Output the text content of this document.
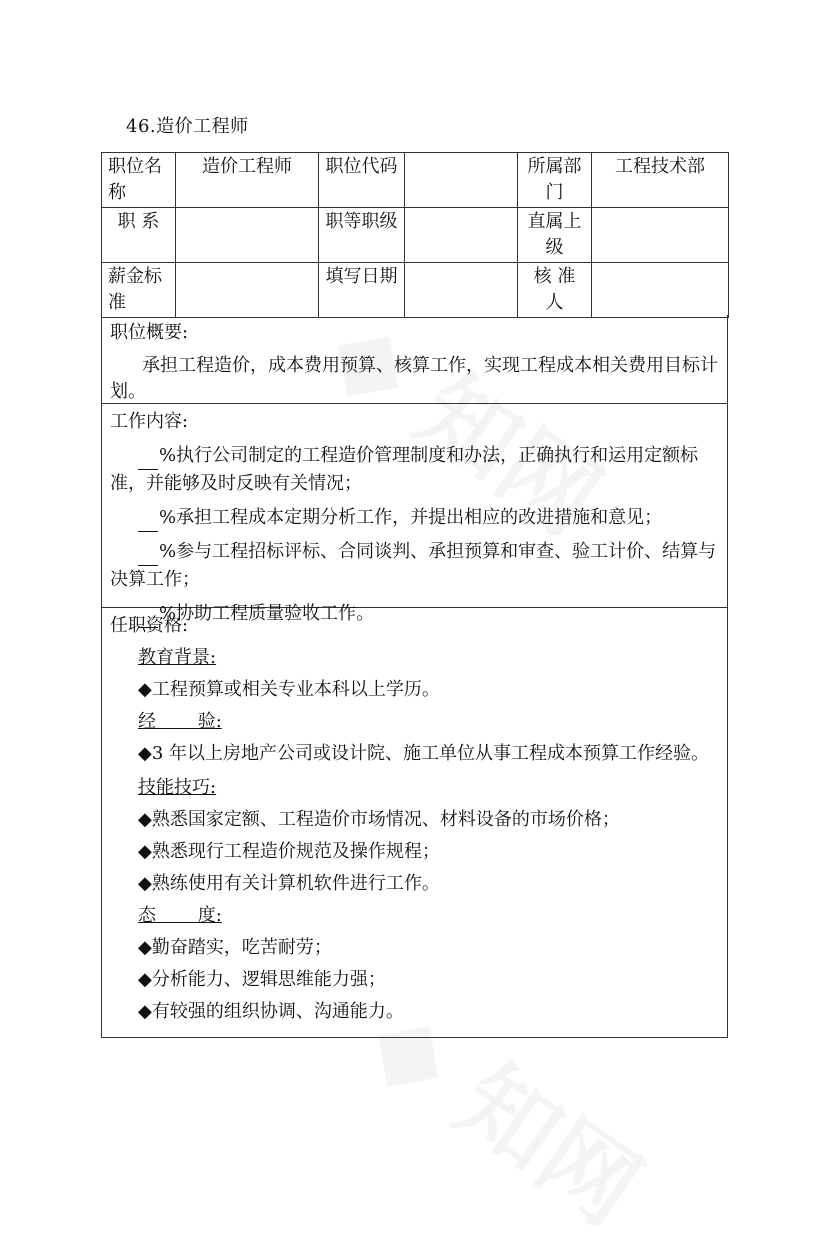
46.造价工程师
职位名称	造价工程师	职位代码		所属部门	工程技术部
职 系		职等职级		直属上级	
薪金标准		填写日期		核 准 人	
职位概要:
承担工程造价，成本费用预算、核算工作，实现工程成本相关费用目标计划。
工作内容:
%执行公司制定的工程造价管理制度和办法，正确执行和运用定额标准，并能够及时反映有关情况；
%承担工程成本定期分析工作，并提出相应的改进措施和意见；
%参与工程招标评标、合同谈判、承担预算和审查、验工计价、结算与决算工作；
%协助工程质量验收工作。
任职资格:
教育背景:
◆工程预算或相关专业本科以上学历。
经 验:
◆3 年以上房地产公司或设计院、施工单位从事工程成本预算工作经验。
技能技巧:
◆熟悉国家定额、工程造价市场情况、材料设备的市场价格；
◆熟悉现行工程造价规范及操作规程；
◆熟练使用有关计算机软件进行工作。
态 度:
◆勤奋踏实，吃苦耐劳；
◆分析能力、逻辑思维能力强；
◆有较强的组织协调、沟通能力。
